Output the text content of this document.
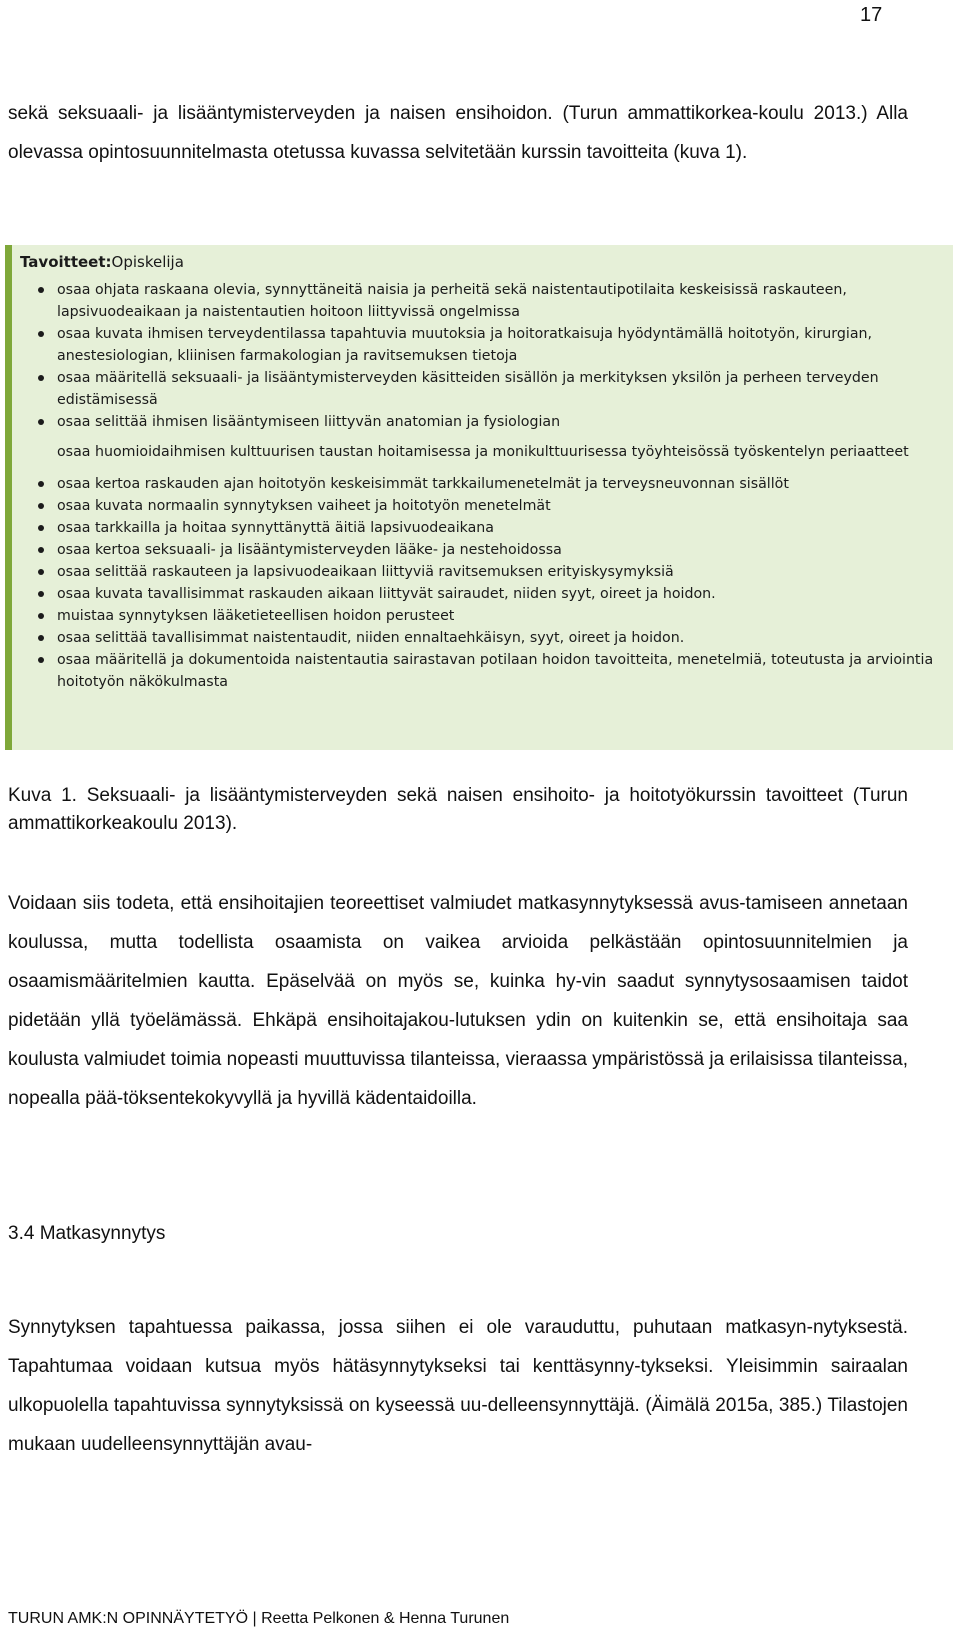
17

sekä seksuaali- ja lisääntymisterveyden ja naisen ensihoidon. (Turun ammattikorkea-koulu 2013.) Alla olevassa opintosuunnitelmasta otetussa kuvassa selvitetään kurssin tavoitteita (kuva 1).

Tavoitteet:Opiskelija

osaa ohjata raskaana olevia, synnyttäneitä naisia ja perheitä sekä naistentautipotilaita keskeisissä raskauteen, lapsivuodeaikaan ja naistentautien hoitoon liittyvissä ongelmissa
osaa kuvata ihmisen terveydentilassa tapahtuvia muutoksia ja hoitoratkaisuja hyödyntämällä hoitotyön, kirurgian, anestesiologian, kliinisen farmakologian ja ravitsemuksen tietoja
osaa määritellä seksuaali- ja lisääntymisterveyden käsitteiden sisällön ja merkityksen yksilön ja perheen terveyden edistämisessä
osaa selittää ihmisen lisääntymiseen liittyvän anatomian ja fysiologian
osaa huomioidaihmisen kulttuurisen taustan hoitamisessa ja monikulttuurisessa työyhteisössä työskentelyn periaatteet
osaa kertoa raskauden ajan hoitotyön keskeisimmät tarkkailumenetelmät ja terveysneuvonnan sisällöt
osaa kuvata normaalin synnytyksen vaiheet ja hoitotyön menetelmät
osaa tarkkailla ja hoitaa synnyttänyttä äitiä lapsivuodeaikana
osaa kertoa seksuaali- ja lisääntymisterveyden lääke- ja nestehoidossa
osaa selittää raskauteen ja lapsivuodeaikaan liittyviä ravitsemuksen erityiskysymyksiä
osaa kuvata tavallisimmat raskauden aikaan liittyvät sairaudet, niiden syyt, oireet ja hoidon.
muistaa synnytyksen lääketieteellisen hoidon perusteet
osaa selittää tavallisimmat naistentaudit, niiden ennaltaehkäisyn, syyt, oireet ja hoidon.
osaa määritellä ja dokumentoida naistentautia sairastavan potilaan hoidon tavoitteita, menetelmiä, toteutusta ja arviointia hoitotyön näkökulmasta

Kuva 1. Seksuaali- ja lisääntymisterveyden sekä naisen ensihoito- ja hoitotyökurssin tavoitteet (Turun ammattikorkeakoulu 2013).

Voidaan siis todeta, että ensihoitajien teoreettiset valmiudet matkasynnytyksessä avus-tamiseen annetaan koulussa, mutta todellista osaamista on vaikea arvioida pelkästään opintosuunnitelmien ja osaamismääritelmien kautta. Epäselvää on myös se, kuinka hy-vin saadut synnytysosaamisen taidot pidetään yllä työelämässä. Ehkäpä ensihoitajakou-lutuksen ydin on kuitenkin se, että ensihoitaja saa koulusta valmiudet toimia nopeasti muuttuvissa tilanteissa, vieraassa ympäristössä ja erilaisissa tilanteissa, nopealla pää-töksentekokyvyllä ja hyvillä kädentaidoilla.

3.4 Matkasynnytys

Synnytyksen tapahtuessa paikassa, jossa siihen ei ole varauduttu, puhutaan matkasyn-nytyksestä. Tapahtumaa voidaan kutsua myös hätäsynnytykseksi tai kenttäsynny-tykseksi. Yleisimmin sairaalan ulkopuolella tapahtuvissa synnytyksissä on kyseessä uu-delleensynnyttäjä. (Äimälä 2015a, 385.) Tilastojen mukaan uudelleensynnyttäjän avau-

TURUN AMK:N OPINNÄYTETYÖ | Reetta Pelkonen & Henna Turunen
